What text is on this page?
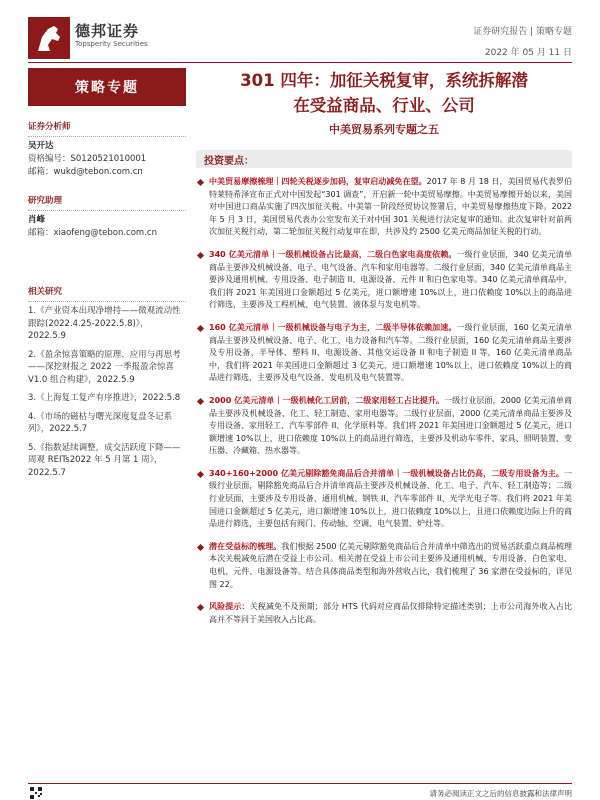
德邦证券
Topsperity Securities
证券研究报告 | 策略专题
2022 年 05 月 11 日
策略专题
证券分析师
吴开达
资格编号：S0120521010001
邮箱：wukd@tebon.com.cn
研究助理
肖峰
邮箱：xiaofeng@tebon.com.cn
相关研究
1.《产业资本出现净增持——微观流动性跟踪(2022.4.25-2022.5.8)》，2022.5.9
2.《盈余惊喜策略的原理、应用与再思考——深挖财报之 2022 一季报盈余惊喜 V1.0 组合构建》，2022.5.9
3.《上海复工复产有序推进》，2022.5.8
4.《市场的磁枯与曙光深度复盘冬记系列》，2022.5.7
5.《指数延续调整，成交活跃度下降——周观 REITs2022 年 5 月第 1 周》，2022.5.7
301 四年：加征关税复审，系统拆解潜
在受益商品、行业、公司
中美贸易系列专题之五
投资要点：
中美贸易摩擦梳理｜四轮关税逐步加码，复审启动减免在望。2017 年 8 月 18 日，美国贸易代表罗伯特莱特希泽宣布正式对中国发起“301 调查”，开启新一轮中美贸易摩擦。中美贸易摩擦开始以来，美国对中国进口商品实施了四次加征关税。中美第一阶段经贸协议签署后，中美贸易摩擦热度下降。2022 年 5 月 3 日，美国贸易代表办公室发布关于对中国 301 关税进行法定复审的通知。此次复审针对前两次加征关税行动，第二轮加征关税行动复审在即，共涉及约 2500 亿美元商品加征关税的行动。
340 亿美元清单｜一级机械设备占比最高，二级白色家电高度依赖。一级行业层面，340 亿美元清单商品主要涉及机械设备、电子、电气设备、汽车和家用电器等。二级行业层面，340 亿美元清单商品主要涉及通用机械、专用设备、电子制造 II、电源设备、元件 II 和白色家电等。340 亿美元清单商品中，我们将 2021 年美国进口金额超过 5 亿美元，进口额增速 10%以上，进口依赖度 10%以上的商品进行筛选，主要涉及工程机械、电气装置、液体泵与发电机等。
160 亿美元清单｜一级机械设备与电子为主，二级半导体依赖加速。一级行业层面，160 亿美元清单商品主要涉及机械设备、电子、化工、电力设备和汽车等。二级行业层面，160 亿美元清单商品主要涉及专用设备、半导体、塑料 II、电源设备、其他交运设备 II 和电子制造 II 等，160 亿美元清单商品中，我们将 2021 年美国进口金额超过 3 亿美元，进口额增速 10%以上，进口依赖度 10%以上的商品进行筛选，主要涉及电气设备、发电机及电气装置等。
2000 亿美元清单｜一级机械化工居前，二级家用轻工占比提升。一级行业层面，2000 亿美元清单商品主要涉及机械设备、化工、轻工制造、家用电器等。二级行业层面，2000 亿美元清单商品主要涉及专用设备、家用轻工、汽车零部件 II、化学原料等。我们将 2021 年美国进口金额超过 5 亿美元，进口额增速 10%以上，进口依赖度 10%以上的商品进行筛选，主要涉及机动车零件、家具、照明装置、变压器、冷藏箱、热水器等。
340+160+2000 亿美元剔除豁免商品后合并清单｜一级机械设备占比仍高，二级专用设备为主。一级行业层面，剔除豁免商品后合并清单商品主要涉及机械设备、化工、电子、汽车、轻工制造等；二级行业层面，主要涉及专用设备、通用机械、钢铁 II、汽车零部件 II、光学光电子等。我们将 2021 年美国进口金额超过 5 亿美元，进口额增速 10%以上，进口依赖度 10%以上，且进口依赖度边际上升的商品进行筛选，主要包括有阀门、传动轴、空调、电气装置、炉灶等。
潜在受益标的梳理。我们根据 2500 亿美元剔除豁免商品后合并清单中筛选出的贸易活跃重点商品梳理本次关税减免后潜在受益上市公司。相关潜在受益上市公司主要涉及通用机械、专用设备、白色家电、电机、元件、电源设备等。结合具体商品类型和海外营收占比，我们梳理了 36 家潜在受益标的，详见图 22。
风险提示：关税减免不及预期；部分 HTS 代码对应商品仅排除特定描述类别；上市公司海外收入占比高并不等同于美国收入占比高。
请务必阅读正文之后的信息披露和法律声明
